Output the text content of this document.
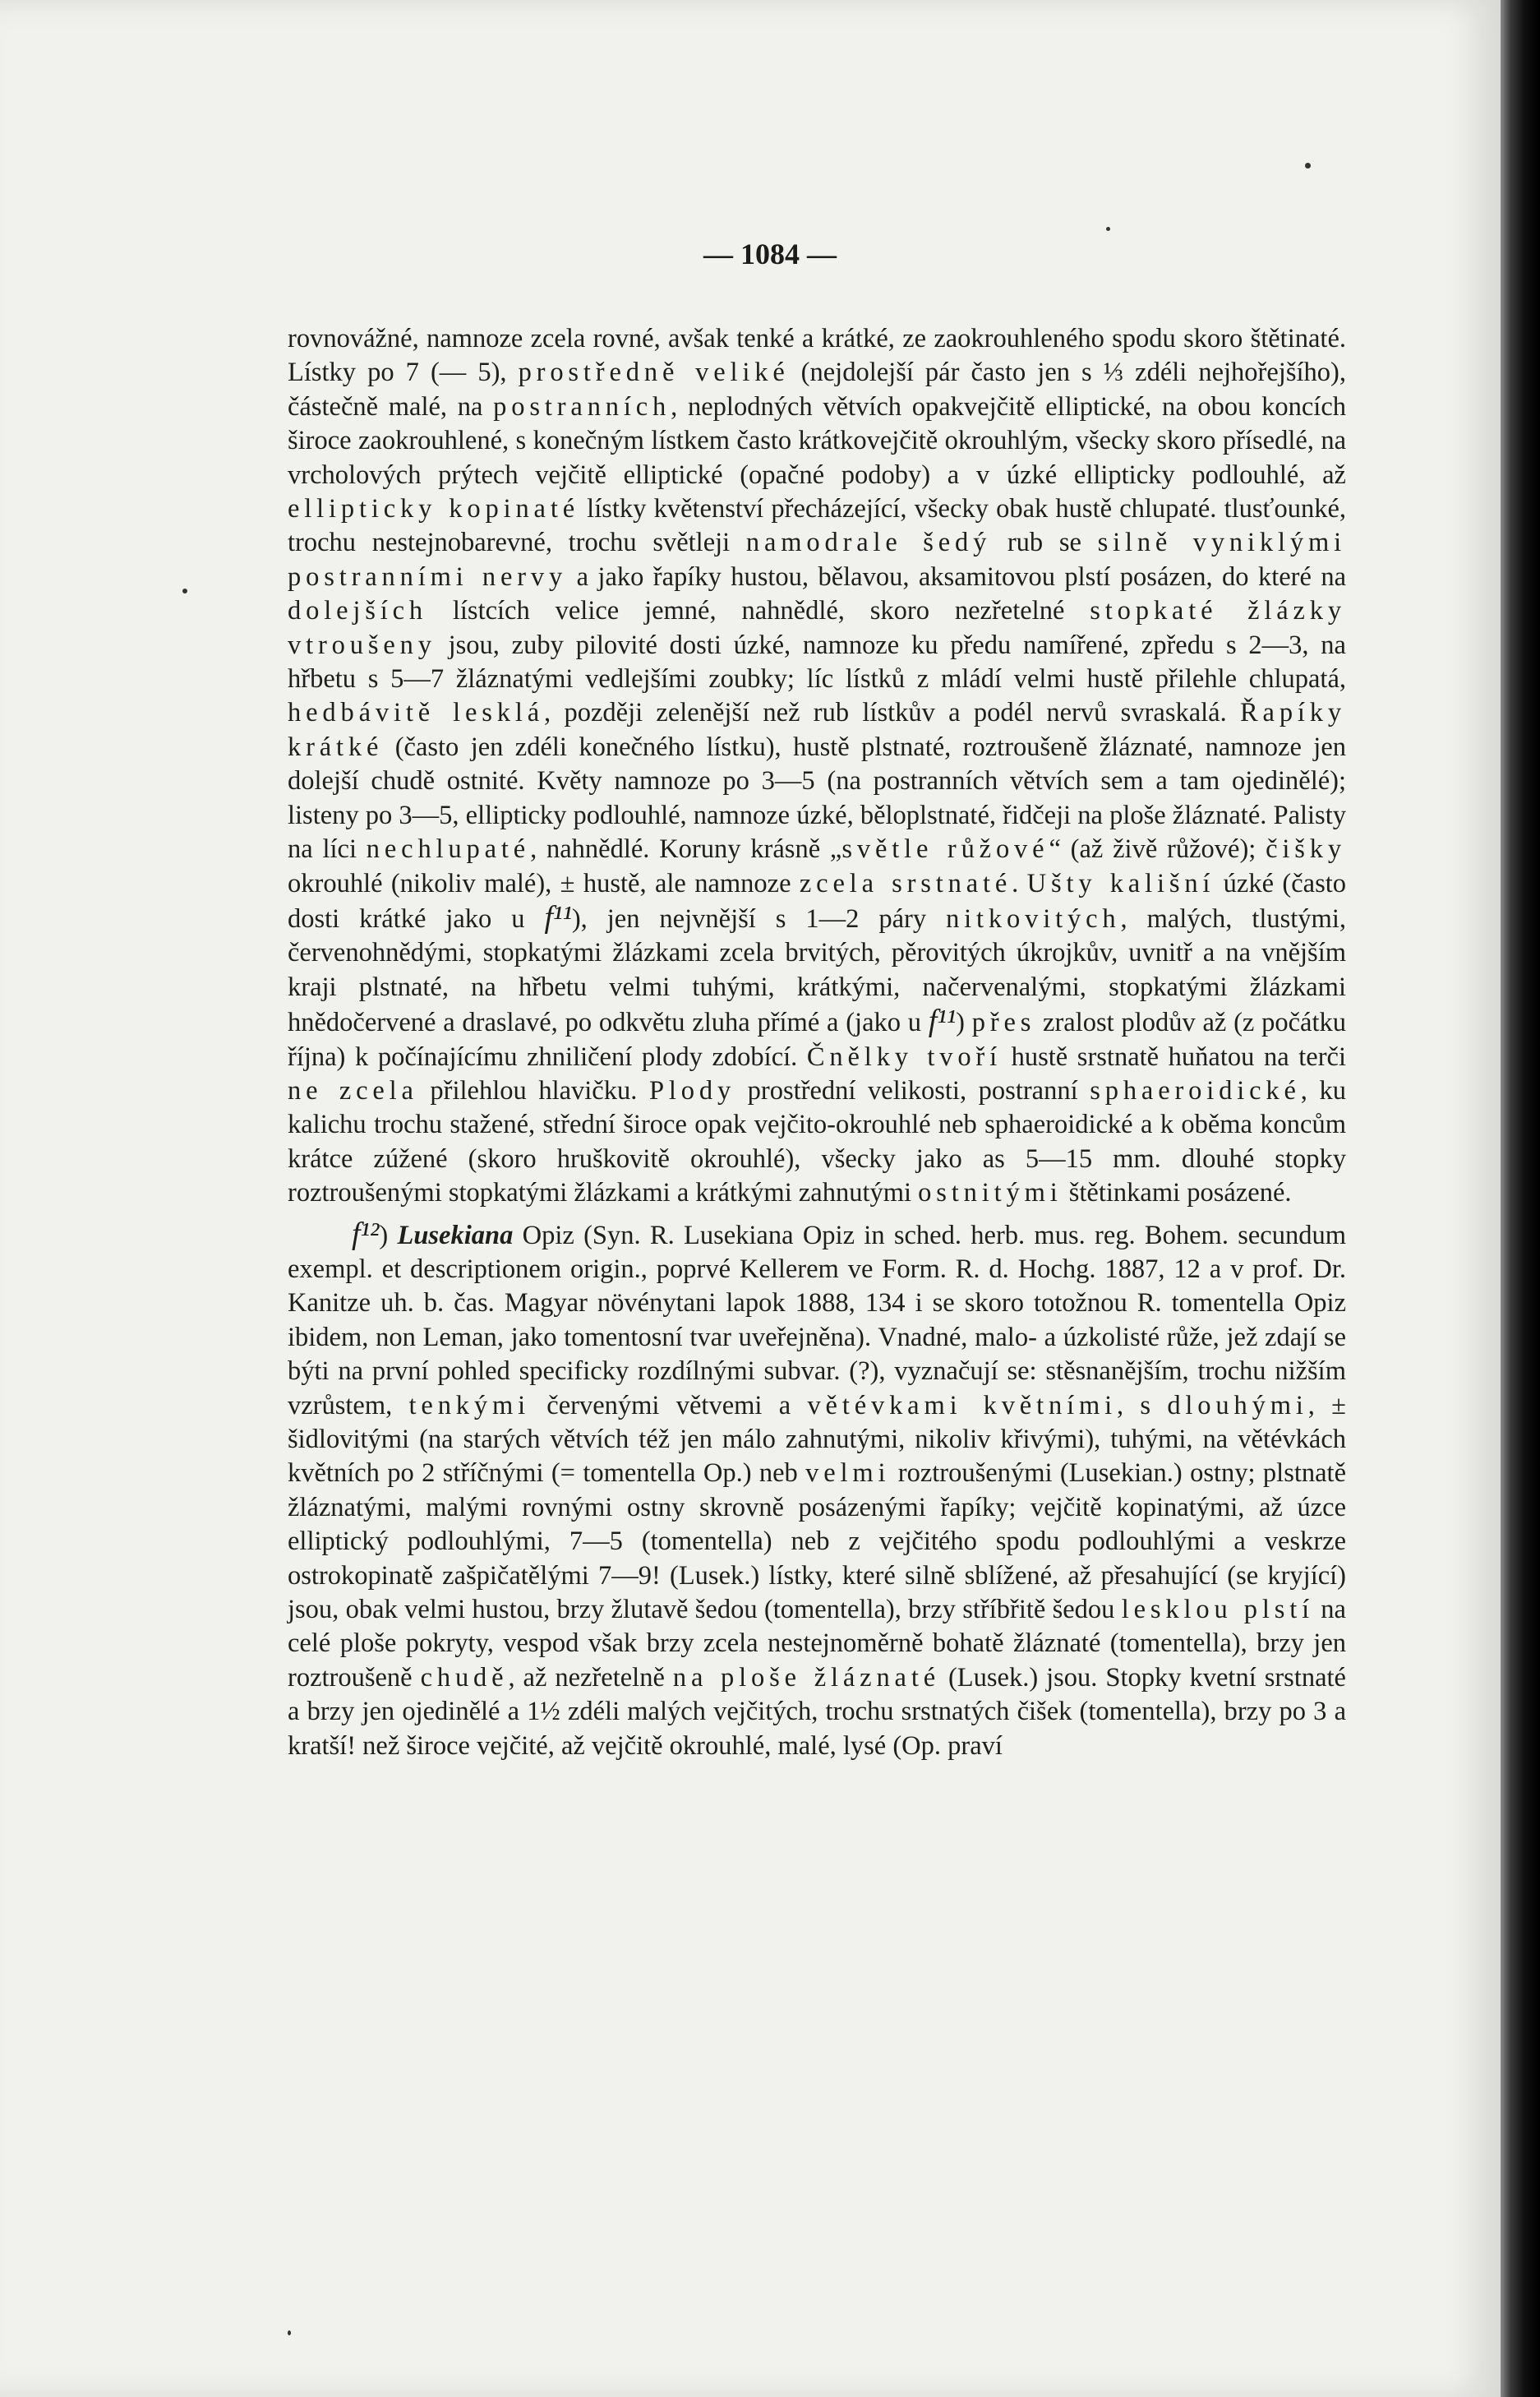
— 1084 —

rovnovážné, namnoze zcela rovné, avšak tenké a krátké, ze zaokrouhleného spodu skoro štětinaté. Lístky po 7 (— 5), prostředně veliké (nejdolejší pár často jen s ⅓ zdéli nejhořejšího), částečně malé, na postranních, neplodných větvích opakvejčitě elliptické, na obou koncích široce zaokrouhlené, s konečným lístkem často krátkovejčitě okrouhlým, všecky skoro přísedlé, na vrcholových prýtech vejčitě elliptické (opačné podoby) a v úzké ellipticky podlouhlé, až ellipticky kopinaté lístky květenství přecházející, všecky obak hustě chlupaté. tlusťounké, trochu nestejnobarevné, trochu světleji namodrale šedý rub se silně vyniklými postranními nervy a jako řapíky hustou, bělavou, aksamitovou plstí posázen, do které na dolejších lístcích velice jemné, nahnědlé, skoro nezřetelné stopkaté žlázky vtroušeny jsou, zuby pilovité dosti úzké, namnoze ku předu namířené, zpředu s 2—3, na hřbetu s 5—7 žláznatými vedlejšími zoubky; líc lístků z mládí velmi hustě přilehle chlupatá, hedbávitě lesklá, později zelenější než rub lístkův a podél nervů svraskalá. Řapíky krátké (často jen zdéli konečného lístku), hustě plstnaté, roztroušeně žláznaté, namnoze jen dolejší chudě ostnité. Květy namnoze po 3—5 (na postranních větvích sem a tam ojedinělé); listeny po 3—5, ellipticky podlouhlé, namnoze úzké, běloplstnaté, řidčeji na ploše žláznaté. Palisty na líci nechlupaté, nahnědlé. Koruny krásně „světle růžové“ (až živě růžové); čišky okrouhlé (nikoliv malé), ± hustě, ale namnoze zcela srstnaté. Ušty kališní úzké (často dosti krátké jako u f¹¹), jen nejvnější s 1—2 páry nitkovitých, malých, tlustými, červenohnědými, stopkatými žlázkami zcela brvitých, pěrovitých úkrojkův, uvnitř a na vnějším kraji plstnaté, na hřbetu velmi tuhými, krátkými, načervenalými, stopkatými žlázkami hnědočervené a draslavé, po odkvětu zluha přímé a (jako u f¹¹) přes zralost plodův až (z počátku října) k počínajícímu zhniličení plody zdobící. Čnělky tvoří hustě srstnatě huňatou na terči ne zcela přilehlou hlavičku. Plody prostřední velikosti, postranní sphaeroidické, ku kalichu trochu stažené, střední široce opak vejčito-okrouhlé neb sphaeroidické a k oběma koncům krátce zúžené (skoro hruškovitě okrouhlé), všecky jako as 5—15 mm. dlouhé stopky roztroušenými stopkatými žlázkami a krátkými zahnutými ostnitými štětinkami posázené.

f¹²) Lusekiana Opiz (Syn. R. Lusekiana Opiz in sched. herb. mus. reg. Bohem. secundum exempl. et descriptionem origin., poprvé Kellerem ve Form. R. d. Hochg. 1887, 12 a v prof. Dr. Kanitze uh. b. čas. Magyar növénytani lapok 1888, 134 i se skoro totožnou R. tomentella Opiz ibidem, non Leman, jako tomentosní tvar uveřejněna). Vnadné, malo- a úzkolisté růže, jež zdají se býti na první pohled specificky rozdílnými subvar. (?), vyznačují se: stěsnanějším, trochu nižším vzrůstem, tenkými červenými větvemi a větévkami květními, s dlouhými, ± šidlovitými (na starých větvích též jen málo zahnutými, nikoliv křivými), tuhými, na větévkách květních po 2 stříčnými (= tomentella Op.) neb velmi roztroušenými (Lusekian.) ostny; plstnatě žláznatými, malými rovnými ostny skrovně posázenými řapíky; vejčitě kopinatými, až úzce elliptický podlouhlými, 7—5 (tomentella) neb z vejčitého spodu podlouhlými a veskrze ostrokopinatě zašpičatělými 7—9! (Lusek.) lístky, které silně sblížené, až přesahující (se kryjící) jsou, obak velmi hustou, brzy žlutavě šedou (tomentella), brzy stříbřitě šedou lesklou plstí na celé ploše pokryty, vespod však brzy zcela nestejnoměrně bohatě žláznaté (tomentella), brzy jen roztroušeně chudě, až nezřetelně na ploše žláznaté (Lusek.) jsou. Stopky kvetní srstnaté a brzy jen ojedinělé a 1½ zdéli malých vejčitých, trochu srstnatých čišek (tomentella), brzy po 3 a kratší! než široce vejčité, až vejčitě okrouhlé, malé, lysé (Op. praví
